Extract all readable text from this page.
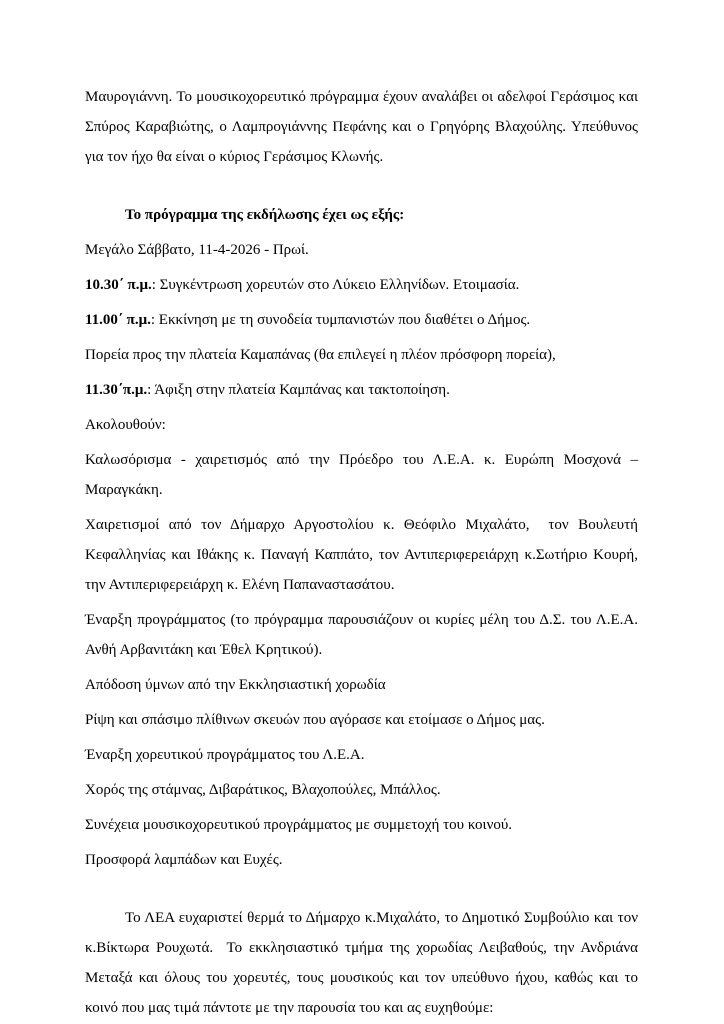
Μαυρογιάννη. Το μουσικοχορευτικό πρόγραμμα έχουν αναλάβει οι αδελφοί Γεράσιμος και Σπύρος Καραβιώτης, ο Λαμπρογιάννης Πεφάνης και ο Γρηγόρης Βλαχούλης. Υπεύθυνος για τον ήχο θα είναι ο κύριος Γεράσιμος Κλωνής.

Το πρόγραμμα της εκδήλωσης έχει ως εξής:

Μεγάλο Σάββατο, 11-4-2026 - Πρωί.

10.30΄ π.μ.: Συγκέντρωση χορευτών στο Λύκειο Ελληνίδων. Ετοιμασία.

11.00΄ π.μ.: Εκκίνηση με τη συνοδεία τυμπανιστών που διαθέτει ο Δήμος.

Πορεία προς την πλατεία Καμαπάνας (θα επιλεγεί η πλέον πρόσφορη πορεία),

11.30΄π.μ.: Άφιξη στην πλατεία Καμπάνας και τακτοποίηση.

Ακολουθούν:

Καλωσόρισμα - χαιρετισμός από την Πρόεδρο του Λ.Ε.Α. κ. Ευρώπη Μοσχονά – Μαραγκάκη.

Χαιρετισμοί από τον Δήμαρχο Αργοστολίου κ. Θεόφιλο Μιχαλάτο,  τον Βουλευτή Κεφαλληνίας και Ιθάκης κ. Παναγή Καππάτο, τον Αντιπεριφερειάρχη κ.Σωτήριο Κουρή, την Αντιπεριφερειάρχη κ. Ελένη Παπαναστασάτου.

Έναρξη προγράμματος (το πρόγραμμα παρουσιάζουν οι κυρίες μέλη του Δ.Σ. του Λ.Ε.Α. Ανθή Αρβανιτάκη και Έθελ Κρητικού).

Απόδοση ύμνων από την Εκκλησιαστική χορωδία

Ρίψη και σπάσιμο πλίθινων σκευών που αγόρασε και ετοίμασε ο Δήμος μας.

Έναρξη χορευτικού προγράμματος του Λ.Ε.Α.

Χορός της στάμνας, Διβαράτικος, Βλαχοπούλες, Μπάλλος.

Συνέχεια μουσικοχορευτικού προγράμματος με συμμετοχή του κοινού.

Προσφορά λαμπάδων και Ευχές.

Το ΛΕΑ ευχαριστεί θερμά το Δήμαρχο κ.Μιχαλάτο, το Δημοτικό Συμβούλιο και τον κ.Βίκτωρα Ρουχωτά.  Το εκκλησιαστικό τμήμα της χορωδίας Λειβαθούς, την Ανδριάνα Μεταξά και όλους του χορευτές, τους μουσικούς και τον υπεύθυνο ήχου, καθώς και το κοινό που μας τιμά πάντοτε με την παρουσία του και ας ευχηθούμε:
